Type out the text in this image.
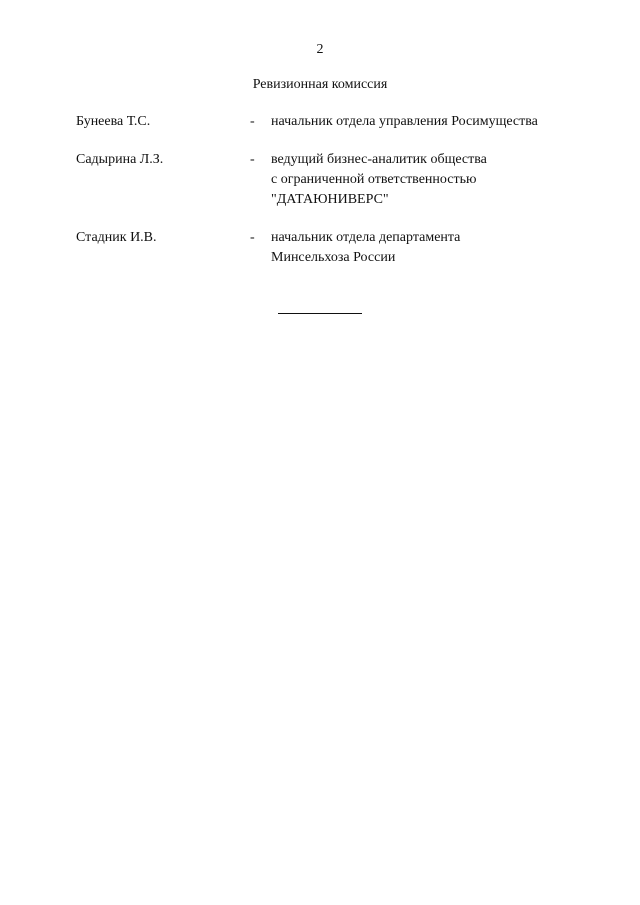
2
Ревизионная комиссия
Бунеева Т.С.	-	начальник отдела управления Росимущества
Садырина Л.З.	-	ведущий бизнес-аналитик общества
с ограниченной ответственностью
"ДАТАЮНИВЕРС"
Стадник И.В.	-	начальник отдела департамента
Минсельхоза России
